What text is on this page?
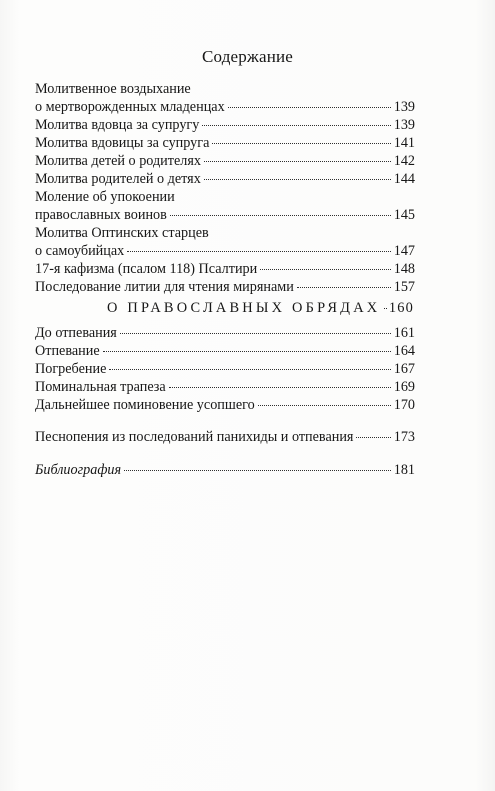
Содержание
Молитвенное воздыхание
о мертворожденных младенцах	139
Молитва вдовца за супругу	139
Молитва вдовицы за супруга	141
Молитва детей о родителях	142
Молитва родителей о детях	144
Моление об упокоении
православных воинов	145
Молитва Оптинских старцев
о самоубийцах	147
17-я кафизма (псалом 118) Псалтири	148
Последование литии для чтения мирянами	157
О ПРАВОСЛАВНЫХ ОБРЯДАХ 160
До отпевания	161
Отпевание	164
Погребение	167
Поминальная трапеза	169
Дальнейшее поминовение усопшего	170
Песнопения из последований панихиды и отпевания	173
Библиография	181
